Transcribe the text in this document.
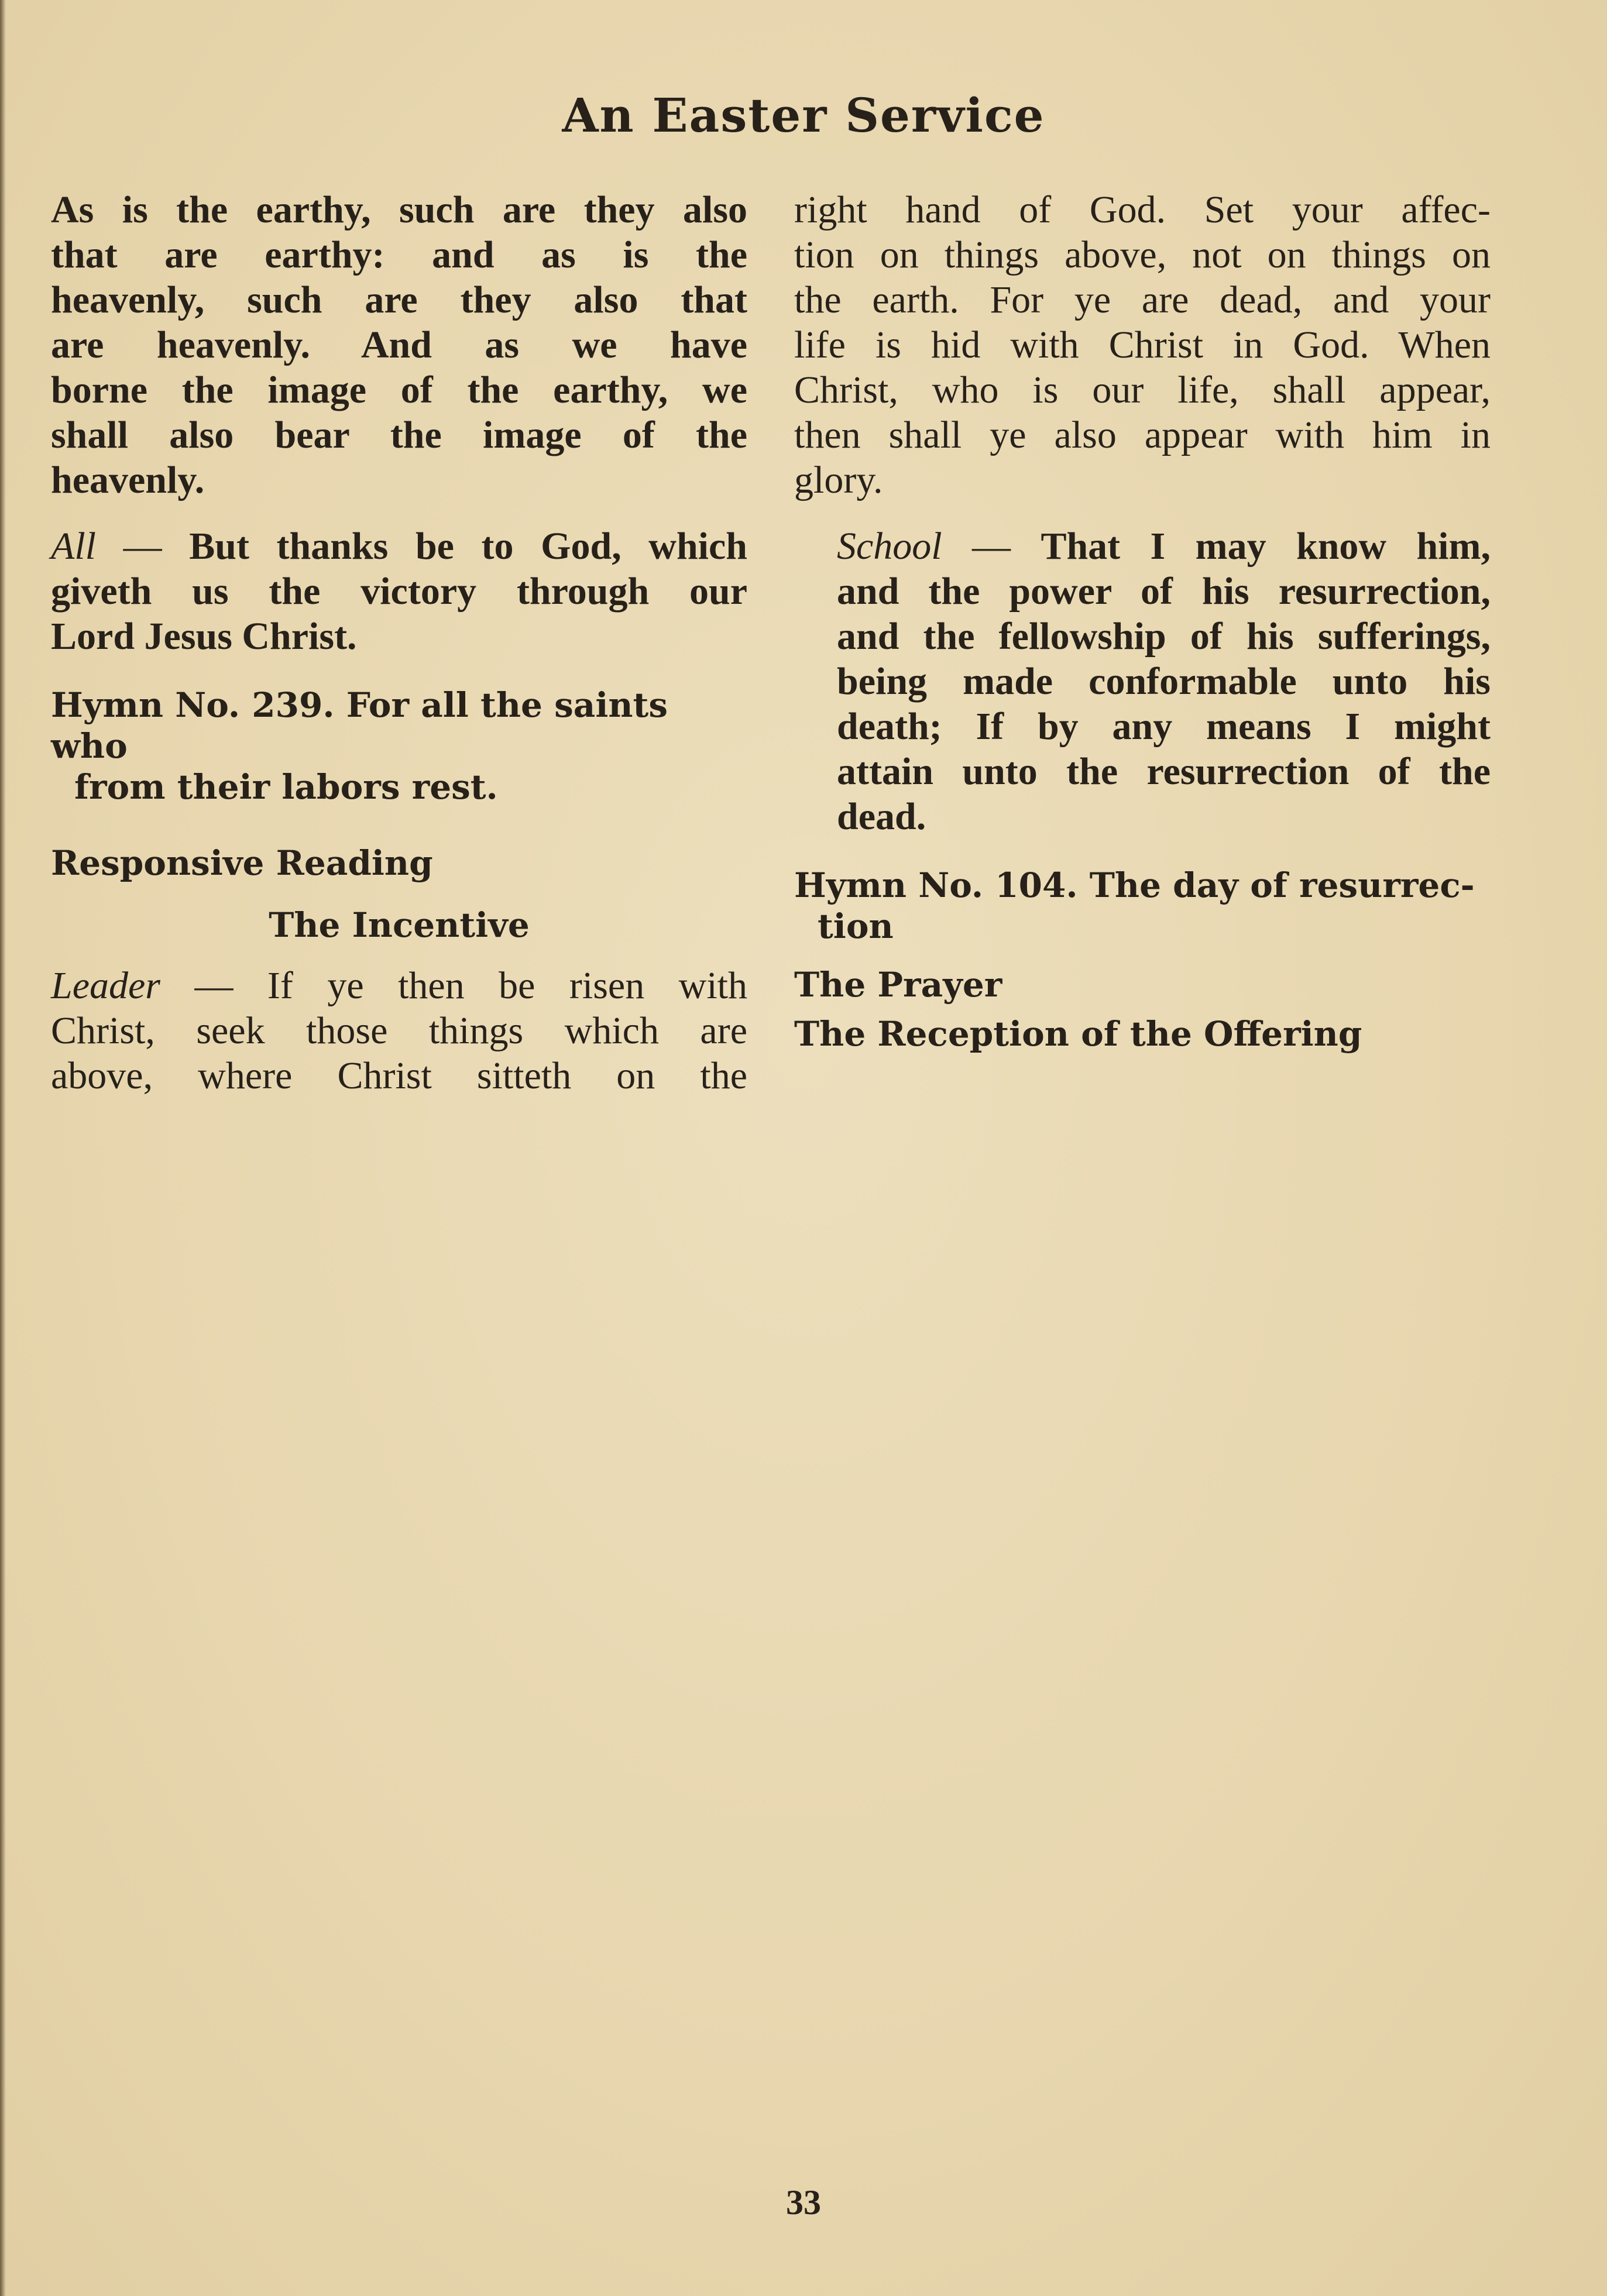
An Easter Service

As is the earthy, such are they also

that are earthy: and as is the

heavenly, such are they also that

are heavenly. And as we have

borne the image of the earthy, we

shall also bear the image of the

heavenly.

All — But thanks be to God, which

giveth us the victory through our

Lord Jesus Christ.

Hymn No. 239. For all the saints who

from their labors rest.

Responsive Reading
The Incentive

Leader — If ye then be risen with

Christ, seek those things which are

above, where Christ sitteth on the

right hand of God. Set your affec-

tion on things above, not on things on

the earth. For ye are dead, and your

life is hid with Christ in God. When

Christ, who is our life, shall appear,

then shall ye also appear with him in

glory.

School — That I may know him,

and the power of his resurrection,

and the fellowship of his sufferings,

being made conformable unto his

death; If by any means I might

attain unto the resurrection of the

dead.

Hymn No. 104. The day of resurrec-

tion

The Prayer
The Reception of the Offering
33
